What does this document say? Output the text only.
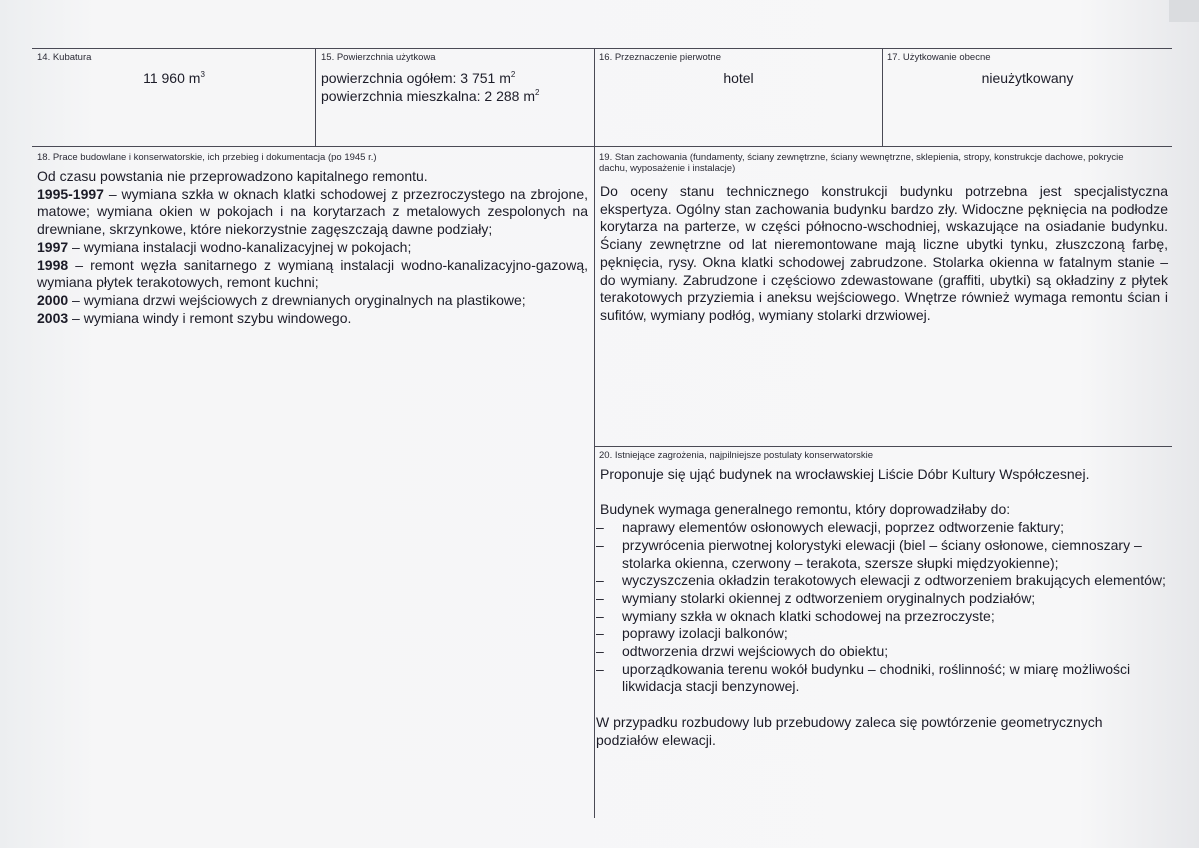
14. Kubatura
11 960 $m^3$
15. Powierzchnia użytkowa
powierzchnia ogółem: 3 751 $m^2$
powierzchnia mieszkalna: 2 288 $m^2$
16. Przeznaczenie pierwotne
hotel
17. Użytkowanie obecne
nieużytkowany
18. Prace budowlane i konserwatorskie, ich przebieg i dokumentacja (po 1945 r.)

Od czasu powstania nie przeprowadzono kapitalnego remontu.

1995-1997 – wymiana szkła w oknach klatki schodowej z przezroczystego na zbrojone, matowe; wymiana okien w pokojach i na korytarzach z metalowych zespolonych na drewniane, skrzynkowe, które niekorzystnie zagęszczają dawne podziały;

1997 – wymiana instalacji wodno-kanalizacyjnej w pokojach;

1998 – remont węzła sanitarnego z wymianą instalacji wodno-kanalizacyjno-gazową, wymiana płytek terakotowych, remont kuchni;

2000 – wymiana drzwi wejściowych z drewnianych oryginalnych na plastikowe;

2003 – wymiana windy i remont szybu windowego.

19. Stan zachowania (fundamenty, ściany zewnętrzne, ściany wewnętrzne, sklepienia, stropy, konstrukcje dachowe, pokrycie dachu, wyposażenie i instalacje)
Do oceny stanu technicznego konstrukcji budynku potrzebna jest specjalistyczna ekspertyza. Ogólny stan zachowania budynku bardzo zły. Widoczne pęknięcia na podłodze korytarza na parterze, w części północno-wschodniej, wskazujące na osiadanie budynku. Ściany zewnętrzne od lat nieremontowane mają liczne ubytki tynku, złuszczoną farbę, pęknięcia, rysy. Okna klatki schodowej zabrudzone. Stolarka okienna w fatalnym stanie – do wymiany. Zabrudzone i częściowo zdewastowane (graffiti, ubytki) są okładziny z płytek terakotowych przyziemia i aneksu wejściowego. Wnętrze również wymaga remontu ścian i sufitów, wymiany podłóg, wymiany stolarki drzwiowej.
20. Istniejące zagrożenia, najpilniejsze postulaty konserwatorskie

Proponuje się ująć budynek na wrocławskiej Liście Dóbr Kultury Współczesnej.

Budynek wymaga generalnego remontu, który doprowadziłaby do:

– naprawy elementów osłonowych elewacji, poprzez odtworzenie faktury;
– przywrócenia pierwotnej kolorystyki elewacji (biel – ściany osłonowe, ciemnoszary – stolarka okienna, czerwony – terakota, szersze słupki międzyokienne);
– wyczyszczenia okładzin terakotowych elewacji z odtworzeniem brakujących elementów;
– wymiany stolarki okiennej z odtworzeniem oryginalnych podziałów;
– wymiany szkła w oknach klatki schodowej na przezroczyste;
– poprawy izolacji balkonów;
– odtworzenia drzwi wejściowych do obiektu;
– uporządkowania terenu wokół budynku – chodniki, roślinność; w miarę możliwości likwidacja stacji benzynowej.

W przypadku rozbudowy lub przebudowy zaleca się powtórzenie geometrycznych podziałów elewacji.
